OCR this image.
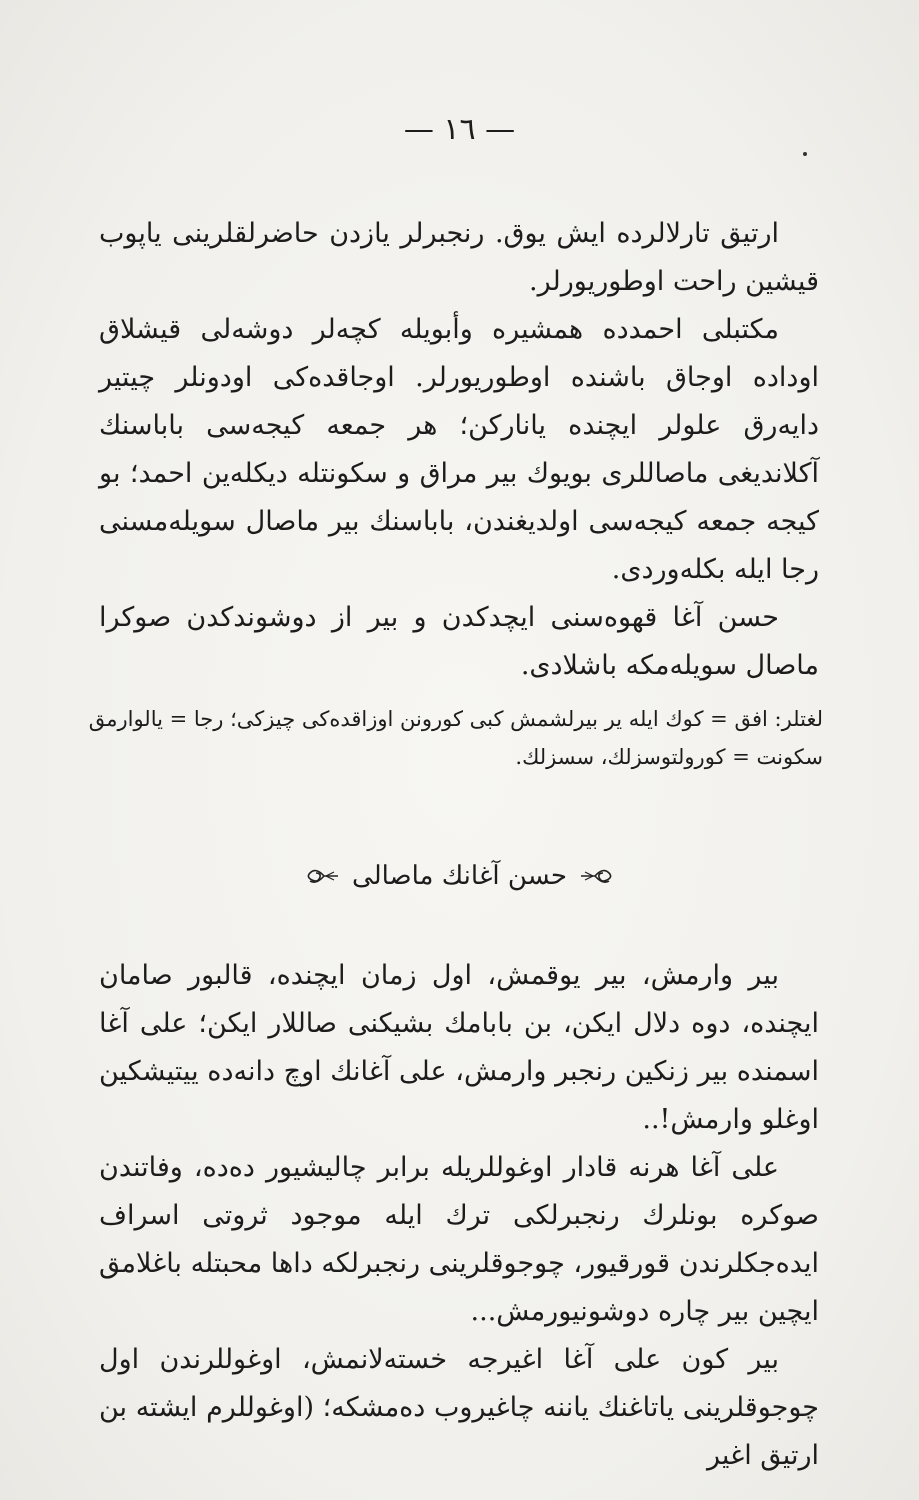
— ١٦ —

ارتیق تارلالرده ایش یوق. رنجبرلر یازدن حاضرلقلرینی یاپوب قیشین راحت اوطوریورلر.

مکتبلی احمدده همشیره وأبویله کچەلر دوشەلی قیشلاق اوداده اوجاق باشنده اوطوریورلر. اوجاقده‌کی اودونلر چیتیر دایه‌رق علولر ایچنده یانارکن؛ هر جمعه کیجه‌سی باباسنك آکلاندیغی ماصاللری بویوك بیر مراق و سکونتله دیکله‌ین احمد؛ بو کیجه جمعه کیجه‌سی اولدیغندن، باباسنك بیر ماصال سویله‌مسنی رجا ایله بکله‌وردی.

حسن آغا قهوه‌سنی ایچدکدن و بیر از دوشوندکدن صوکرا ماصال سویله‌مکه باشلادی.

لغتلر: افق = کوك ایله یر بیرلشمش کبی کورونن اوزاقده‌کی چیزکی؛ رجا = یالوارمق
سکونت = کورولتوسزلك، سسزلك.
حسن آغانك ماصالی

بیر وارمش، بیر یوقمش، اول زمان ایچنده، قالبور صامان ایچنده، دوه دلال ایکن، بن بابامك بشیکنی صاللار ایکن؛ علی آغا اسمنده بیر زنکین رنجبر وارمش، علی آغانك اوچ دانه‌ده ییتیشکین اوغلو وارمش!..

علی آغا هرنه قادار اوغوللریله برابر چالیشیور ده‌ده، وفاتندن صوکره بونلرك رنجبرلکی ترك ایله موجود ثروتی اسراف ایده‌جکلرندن قورقیور، چوجوقلرینی رنجبرلکه داها محبتله باغلامق ایچین بیر چاره دوشونیورمش...

بیر کون علی آغا اغیرجه خسته‌لانمش، اوغوللرندن اول چوجوقلرینی یاتاغنك یاننه چاغیروب دەمشکه؛ (اوغوللرم ایشته بن ارتیق اغیر
